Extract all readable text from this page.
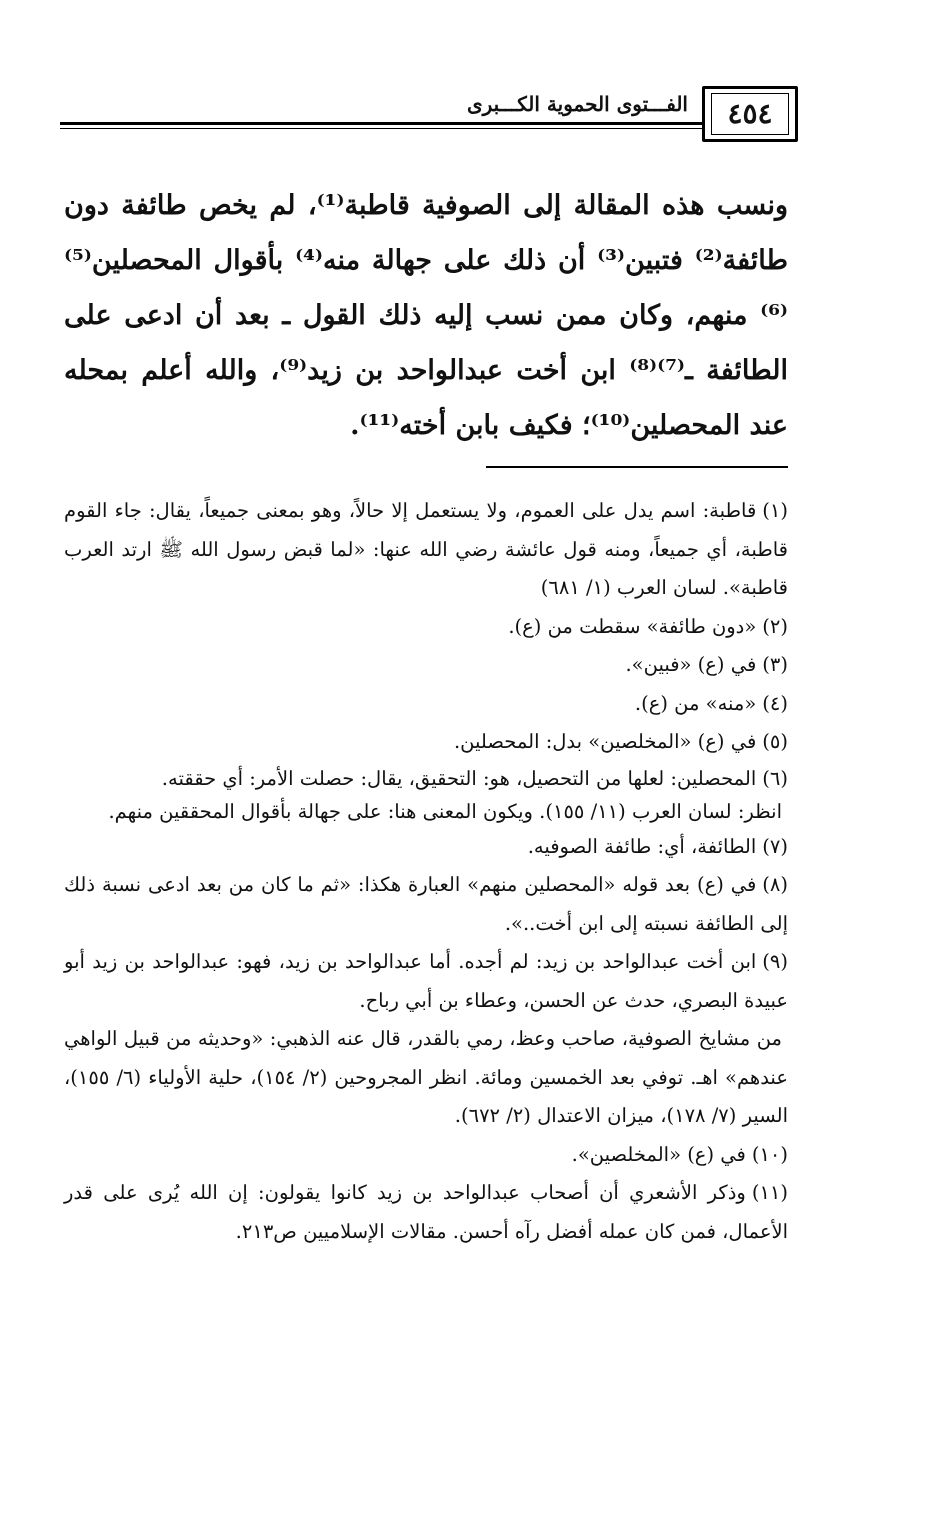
الفـــتوى الحموية الكـــبرى	٤٥٤

ونسب هذه المقالة إلى الصوفية قاطبة⁽¹⁾، لم يخص طائفة دون طائفة⁽²⁾ فتبين⁽³⁾ أن ذلك على جهالة منه⁽⁴⁾ بأقوال المحصلين⁽⁵⁾⁽⁶⁾ منهم، وكان ممن نسب إليه ذلك القول ـ بعد أن ادعى على الطائفة ـ⁽⁷⁾⁽⁸⁾ ابن أخت عبدالواحد بن زيد⁽⁹⁾، والله أعلم بمحله عند المحصلين⁽¹⁰⁾؛ فكيف بابن أخته⁽¹¹⁾.

(١)قاطبة: اسم يدل على العموم، ولا يستعمل إلا حالاً، وهو بمعنى جميعاً، يقال: جاء القوم قاطبة، أي جميعاً، ومنه قول عائشة رضي الله عنها: «لما قبض رسول الله ﷺ ارتد العرب قاطبة». لسان العرب (١/ ٦٨١)

(٢)«دون طائفة» سقطت من (ع).

(٣)في (ع) «فبين».

(٤)«منه» من (ع).

(٥)في (ع) «المخلصين» بدل: المحصلين.

(٦)المحصلين: لعلها من التحصيل، هو: التحقيق، يقال: حصلت الأمر: أي حققته.

انظر: لسان العرب (١١/ ١٥٥). ويكون المعنى هنا: على جهالة بأقوال المحققين منهم.

(٧)الطائفة، أي: طائفة الصوفيه.

(٨)في (ع) بعد قوله «المحصلين منهم» العبارة هكذا: «ثم ما كان من بعد ادعى نسبة ذلك إلى الطائفة نسبته إلى ابن أخت..».

(٩)ابن أخت عبدالواحد بن زيد: لم أجده. أما عبدالواحد بن زيد، فهو: عبدالواحد بن زيد أبو عبيدة البصري، حدث عن الحسن، وعطاء بن أبي رباح.

من مشايخ الصوفية، صاحب وعظ، رمي بالقدر، قال عنه الذهبي: «وحديثه من قبيل الواهي عندهم» اهـ. توفي بعد الخمسين ومائة. انظر المجروحين (٢/ ١٥٤)، حلية الأولياء (٦/ ١٥٥)، السير (٧/ ١٧٨)، ميزان الاعتدال (٢/ ٦٧٢).

(١٠)في (ع) «المخلصين».

(١١)وذكر الأشعري أن أصحاب عبدالواحد بن زيد كانوا يقولون: إن الله يُرى على قدر الأعمال، فمن كان عمله أفضل رآه أحسن. مقالات الإسلاميين ص٢١٣.
